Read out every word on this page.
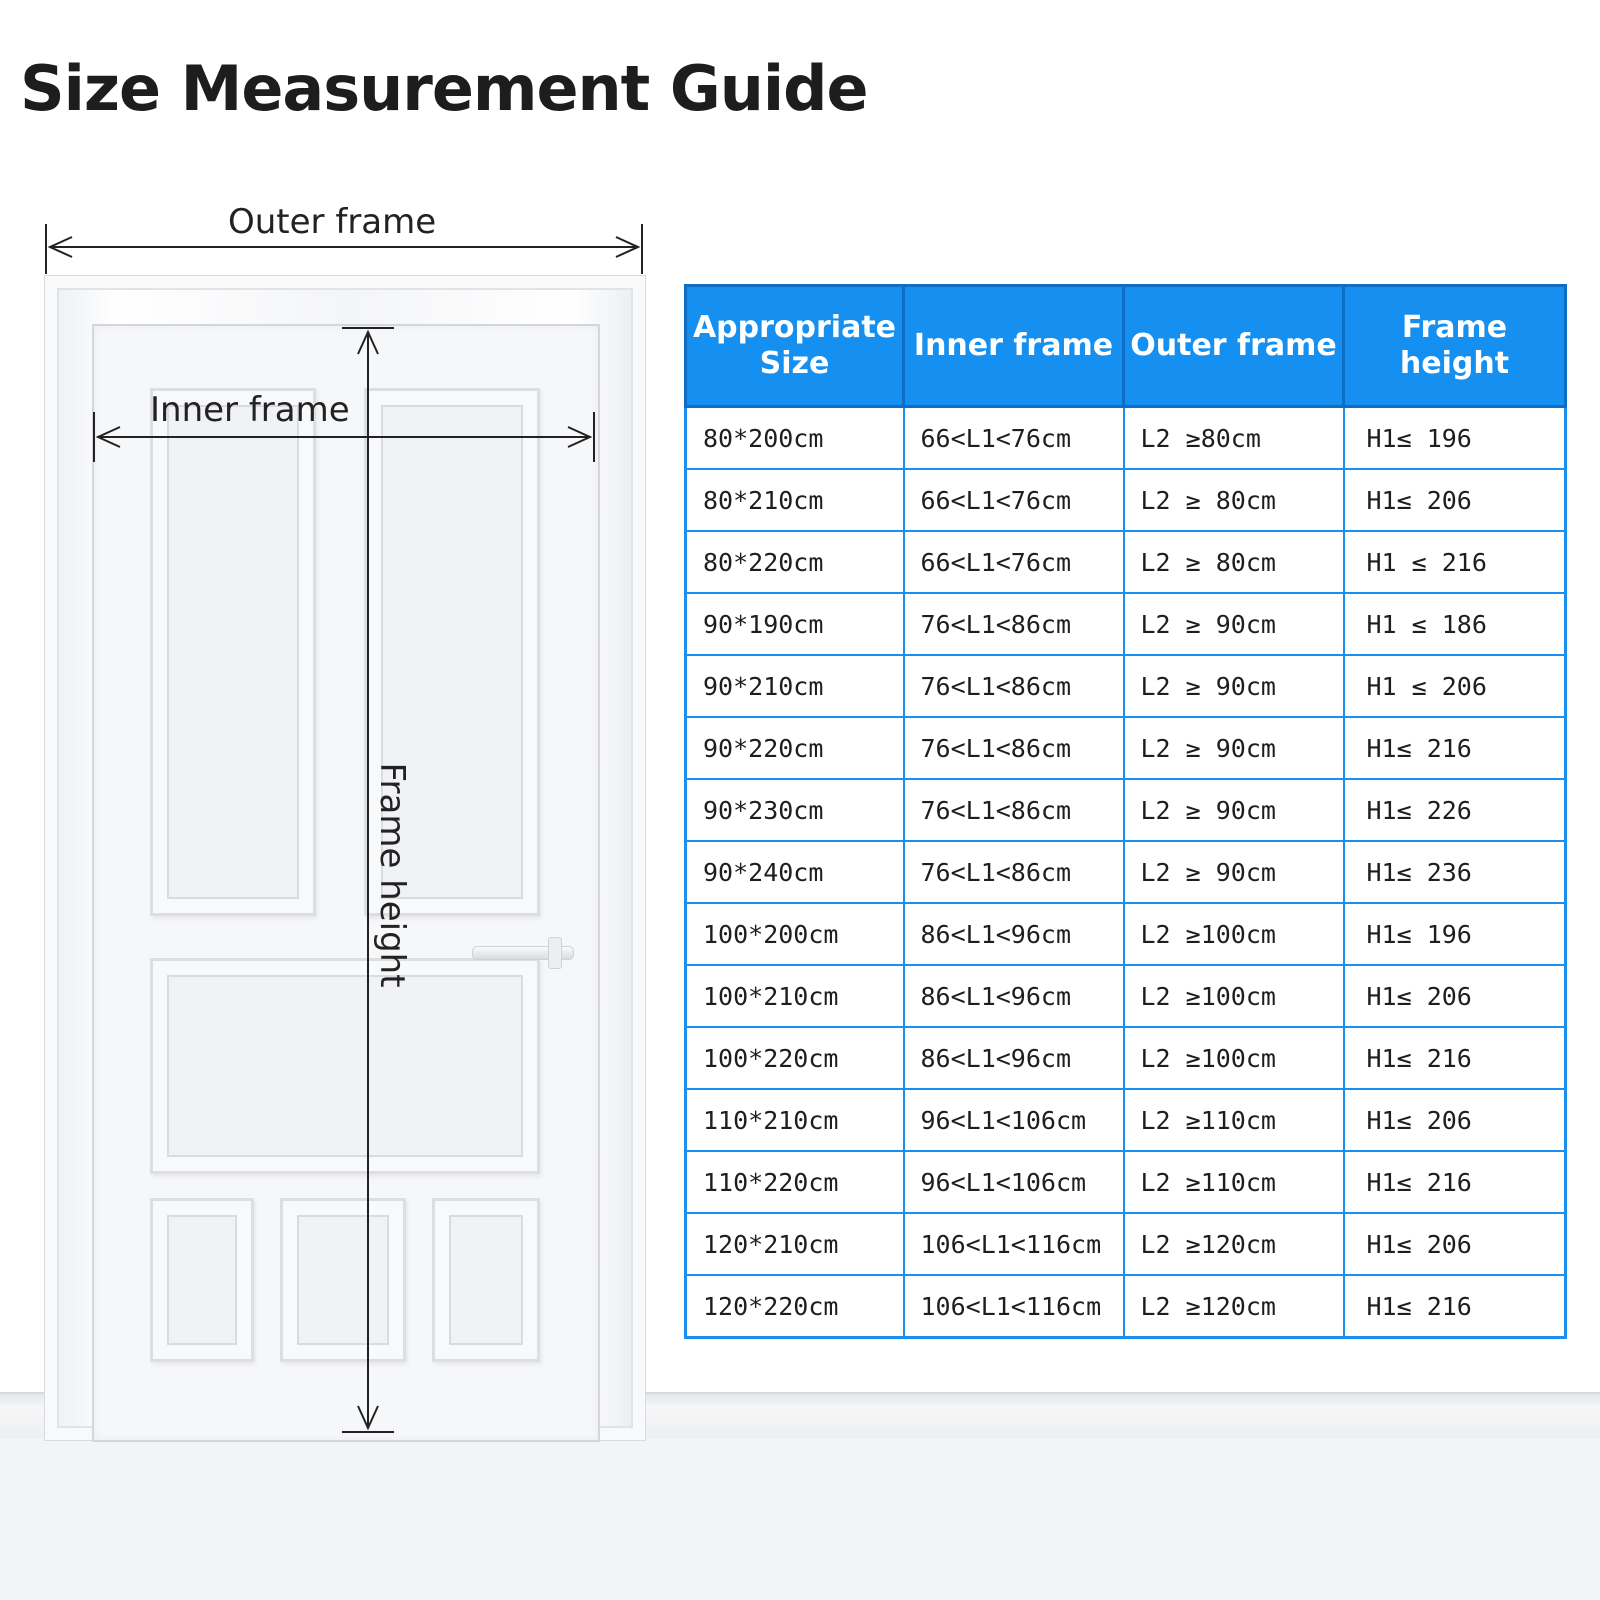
Size Measurement Guide
Outer frame
Inner frame
Frame height
Appropriate Size	Inner frame	Outer frame	Frame height
80*200cm	66<L1<76cm	L2 ≥80cm	H1≤ 196
80*210cm	66<L1<76cm	L2 ≥ 80cm	H1≤ 206
80*220cm	66<L1<76cm	L2 ≥ 80cm	H1 ≤ 216
90*190cm	76<L1<86cm	L2 ≥ 90cm	H1 ≤ 186
90*210cm	76<L1<86cm	L2 ≥ 90cm	H1 ≤ 206
90*220cm	76<L1<86cm	L2 ≥ 90cm	H1≤ 216
90*230cm	76<L1<86cm	L2 ≥ 90cm	H1≤ 226
90*240cm	76<L1<86cm	L2 ≥ 90cm	H1≤ 236
100*200cm	86<L1<96cm	L2 ≥100cm	H1≤ 196
100*210cm	86<L1<96cm	L2 ≥100cm	H1≤ 206
100*220cm	86<L1<96cm	L2 ≥100cm	H1≤ 216
110*210cm	96<L1<106cm	L2 ≥110cm	H1≤ 206
110*220cm	96<L1<106cm	L2 ≥110cm	H1≤ 216
120*210cm	106<L1<116cm	L2 ≥120cm	H1≤ 206
120*220cm	106<L1<116cm	L2 ≥120cm	H1≤ 216
